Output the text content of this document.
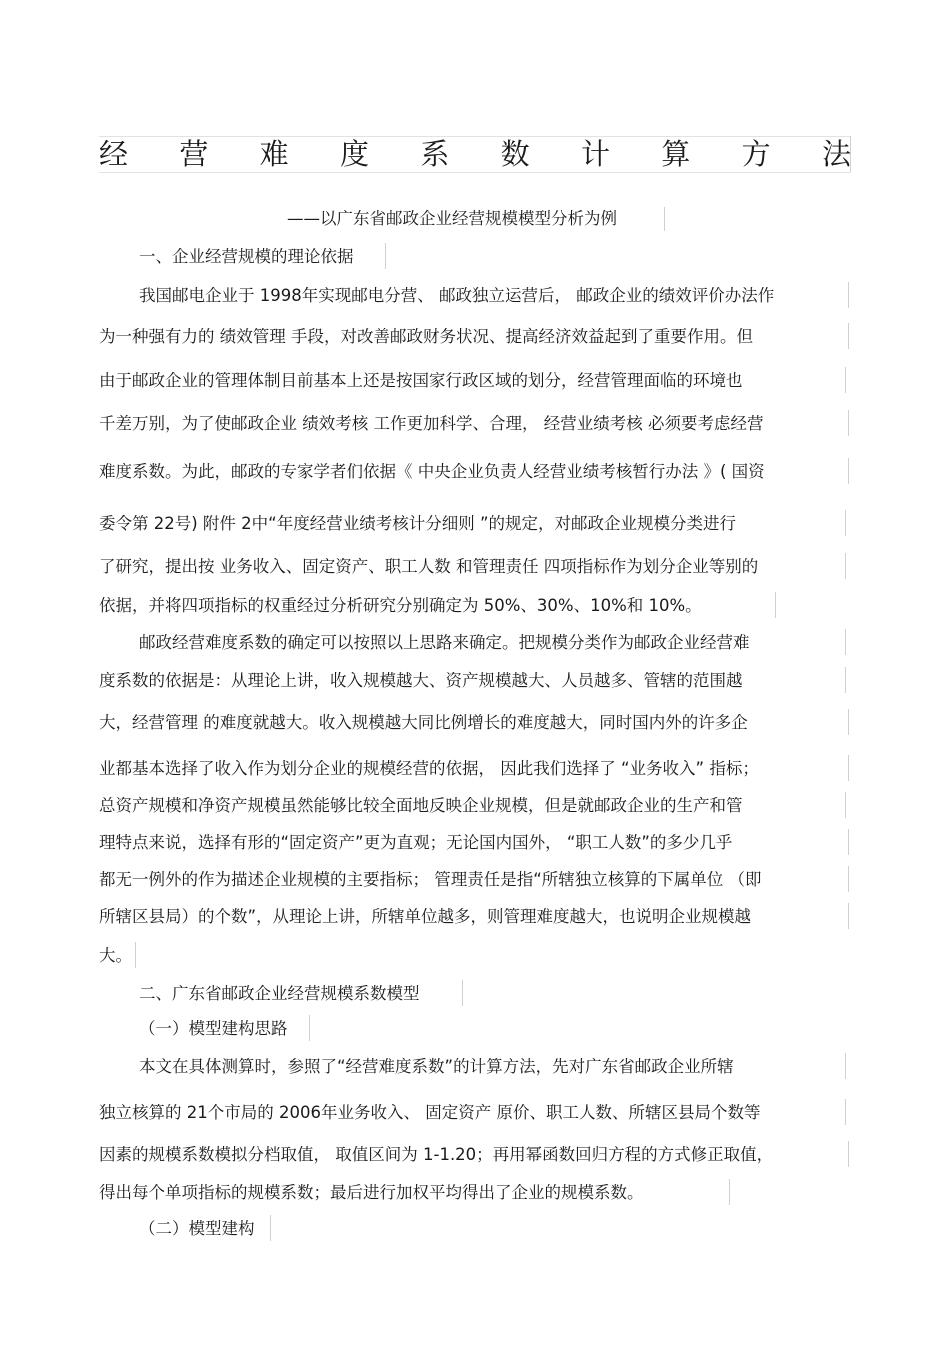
经 营 难 度 系 数 计 算 方 法
——以广东省邮政企业经营规模模型分析为例
一、企业经营规模的理论依据
我国邮电企业于 1998年实现邮电分营、 邮政独立运营后， 邮政企业的绩效评价办法作
为一种强有力的 绩效管理 手段，对改善邮政财务状况、提高经济效益起到了重要作用。但
由于邮政企业的管理体制目前基本上还是按国家行政区域的划分，经营管理面临的环境也
千差万别，为了使邮政企业 绩效考核 工作更加科学、合理， 经营业绩考核 必须要考虑经营
难度系数。为此，邮政的专家学者们依据《 中央企业负责人经营业绩考核暂行办法 》( 国资
委令第 22号) 附件 2中“年度经营业绩考核计分细则 ”的规定，对邮政企业规模分类进行
了研究，提出按 业务收入、固定资产、职工人数 和管理责任 四项指标作为划分企业等别的
依据，并将四项指标的权重经过分析研究分别确定为 50%、30%、10%和 10%。
邮政经营难度系数的确定可以按照以上思路来确定。把规模分类作为邮政企业经营难
度系数的依据是：从理论上讲，收入规模越大、资产规模越大、人员越多、管辖的范围越
大，经营管理 的难度就越大。收入规模越大同比例增长的难度越大，同时国内外的许多企
业都基本选择了收入作为划分企业的规模经营的依据， 因此我们选择了 “业务收入” 指标；
总资产规模和净资产规模虽然能够比较全面地反映企业规模，但是就邮政企业的生产和管
理特点来说，选择有形的“固定资产”更为直观；无论国内国外， “职工人数”的多少几乎
都无一例外的作为描述企业规模的主要指标； 管理责任是指“所辖独立核算的下属单位 （即
所辖区县局）的个数”，从理论上讲，所辖单位越多，则管理难度越大，也说明企业规模越
大。
二、广东省邮政企业经营规模系数模型
（一）模型建构思路
本文在具体测算时，参照了“经营难度系数”的计算方法，先对广东省邮政企业所辖
独立核算的 21个市局的 2006年业务收入、 固定资产 原价、职工人数、所辖区县局个数等
因素的规模系数模拟分档取值， 取值区间为 1-1.20；再用幂函数回归方程的方式修正取值，
得出每个单项指标的规模系数；最后进行加权平均得出了企业的规模系数。
（二）模型建构
